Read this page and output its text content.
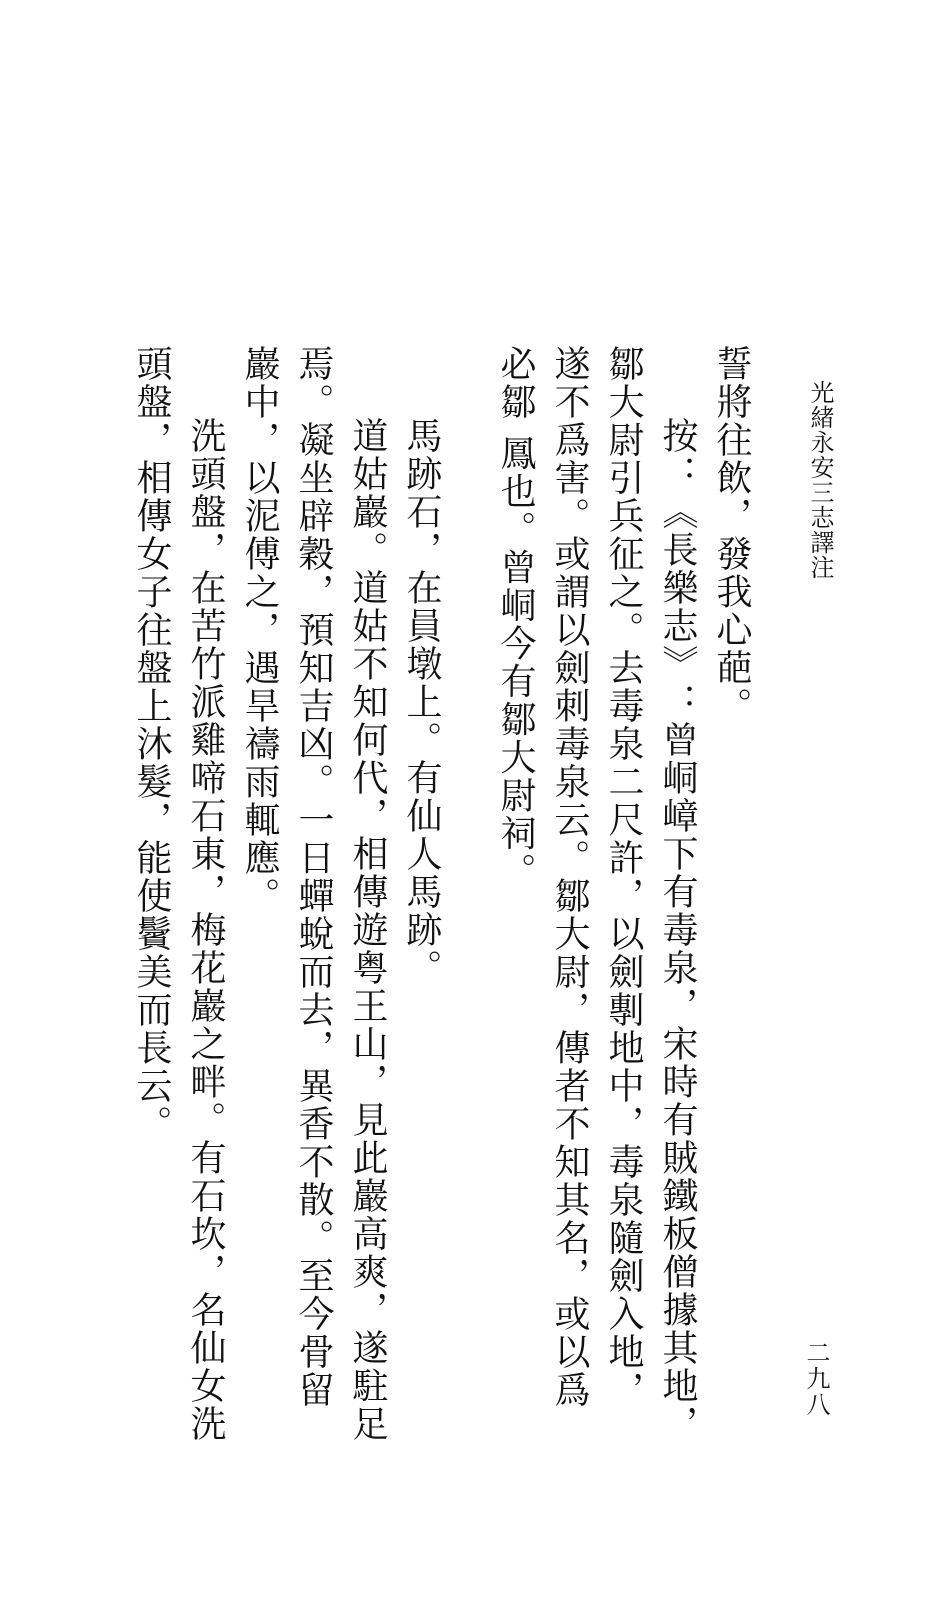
光緒永安三志譯注

誓將往飲，發我心葩。

按：《長樂志》：曾峒嶂下有毒泉，宋時有賊鐵板僧據其地，鄒大尉引兵征之。去毒泉二尺許，以劍剸地中，毒泉隨劍入地，遂不爲害。或謂以劍刺毒泉云。鄒大尉，傳者不知其名，或以爲必鄒 鳳也。曾峒今有鄒大尉祠。

馬跡石，在員墩上。有仙人馬跡。

道姑巖。道姑不知何代，相傳遊粤王山，見此巖高爽，遂駐足焉。凝坐辟穀，預知吉凶。一日蟬蛻而去，異香不散。至今骨留巖中，以泥傅之，遇旱禱雨輒應。

洗頭盤，在苦竹派雞啼石東，梅花巖之畔。有石坎，名仙女洗頭盤，相傳女子往盤上沐髮，能使鬢美而長云。

二九八
